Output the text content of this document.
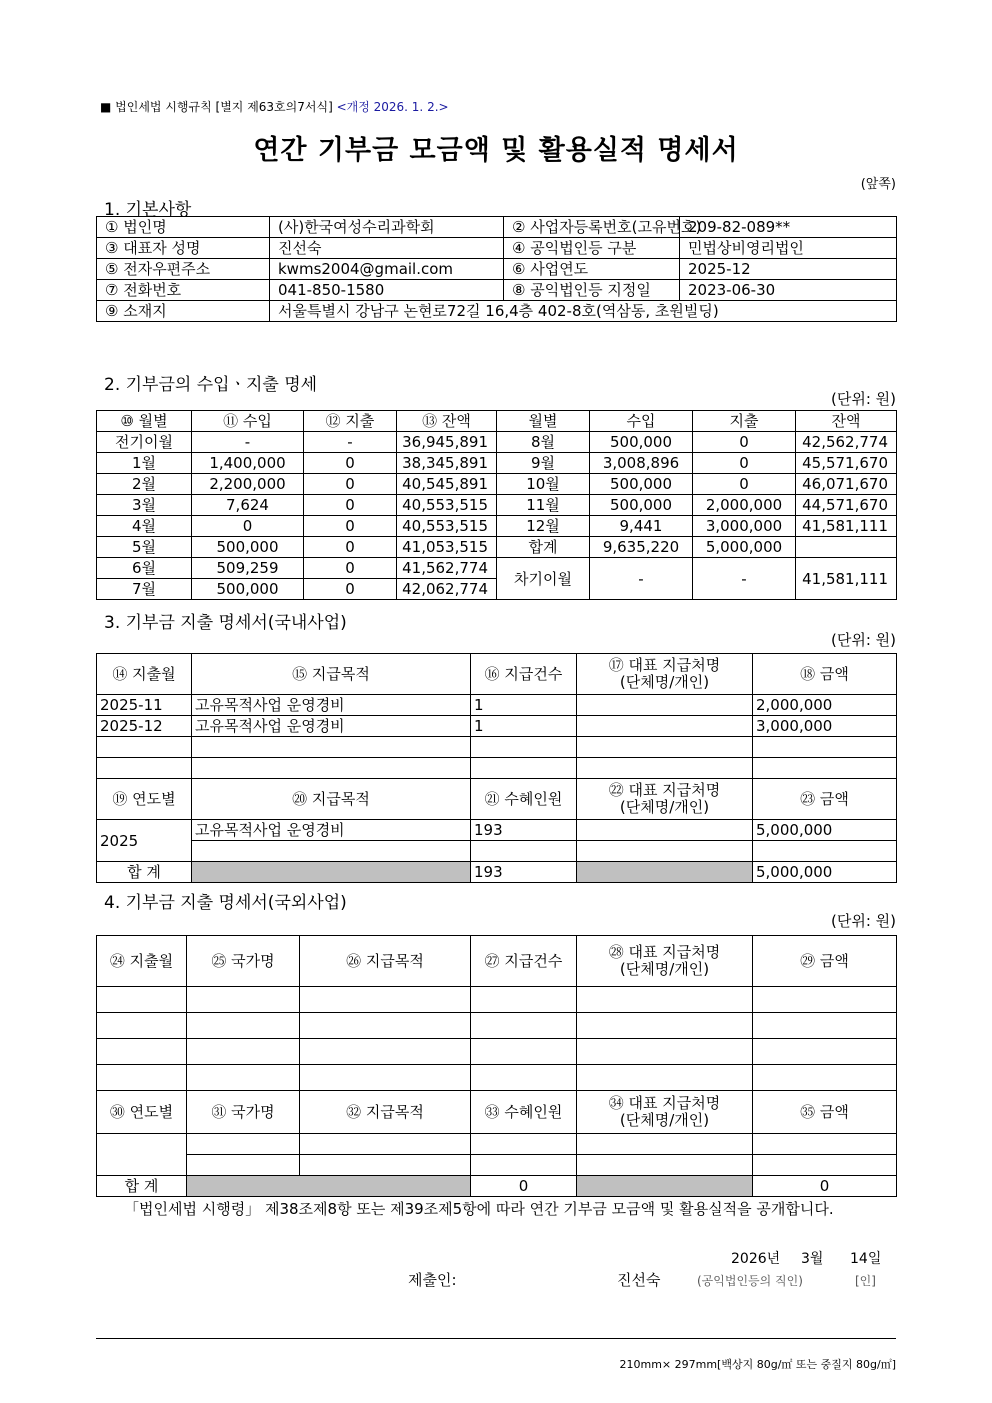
■ 법인세법 시행규칙 [별지 제63호의7서식] <개정 2026. 1. 2.>
연간 기부금 모금액 및 활용실적 명세서
(앞쪽)
1. 기본사항
① 법인명	(사)한국여성수리과학회	② 사업자등록번호(고유번호)	209-82-089**
③ 대표자 성명	진선숙	④ 공익법인등 구분	민법상비영리법인
⑤ 전자우편주소	kwms2004@gmail.com	⑥ 사업연도	2025-12
⑦ 전화번호	041-850-1580	⑧ 공익법인등 지정일	2023-06-30
⑨ 소재지	서울특별시 강남구 논현로72길 16,4층 402-8호(역삼동, 초원빌딩)		
2. 기부금의 수입ㆍ지출 명세
(단위: 원)
⑩ 월별	⑪ 수입	⑫ 지출	⑬ 잔액	월별	수입	지출	잔액
전기이월	-	-	36,945,891	8월	500,000	0	42,562,774
1월	1,400,000	0	38,345,891	9월	3,008,896	0	45,571,670
2월	2,200,000	0	40,545,891	10월	500,000	0	46,071,670
3월	7,624	0	40,553,515	11월	500,000	2,000,000	44,571,670
4월	0	0	40,553,515	12월	9,441	3,000,000	41,581,111
5월	500,000	0	41,053,515	합계	9,635,220	5,000,000	
6월	509,259	0	41,562,774	차기이월	-	-	41,581,111
7월	500,000	0	42,062,774				
3. 기부금 지출 명세서(국내사업)
(단위: 원)
⑭ 지출월	⑮ 지급목적	⑯ 지급건수	⑰ 대표 지급처명
(단체명/개인)	⑱ 금액
2025-11	고유목적사업 운영경비	1		2,000,000
2025-12	고유목적사업 운영경비	1		3,000,000

⑲ 연도별	⑳ 지급목적	㉑ 수혜인원	㉒ 대표 지급처명
(단체명/개인)	㉓ 금액
2025	고유목적사업 운영경비	193		5,000,000

합 계		193		5,000,000
4. 기부금 지출 명세서(국외사업)
(단위: 원)
㉔ 지출월	㉕ 국가명	㉖ 지급목적	㉗ 지급건수	㉘ 대표 지급처명
(단체명/개인)	㉙ 금액

㉚ 연도별	㉛ 국가명	㉜ 지급목적	㉝ 수혜인원	㉞ 대표 지급처명
(단체명/개인)	㉟ 금액

합 계			0		0
「법인세법 시행령」 제38조제8항 또는 제39조제5항에 따라 연간 기부금 모금액 및 활용실적을 공개합니다.
2026년 3월 14일
제출인:	진선숙	(공익법인등의 직인)	[인]
210mm× 297mm[백상지 80g/㎡ 또는 중질지 80g/㎡]
